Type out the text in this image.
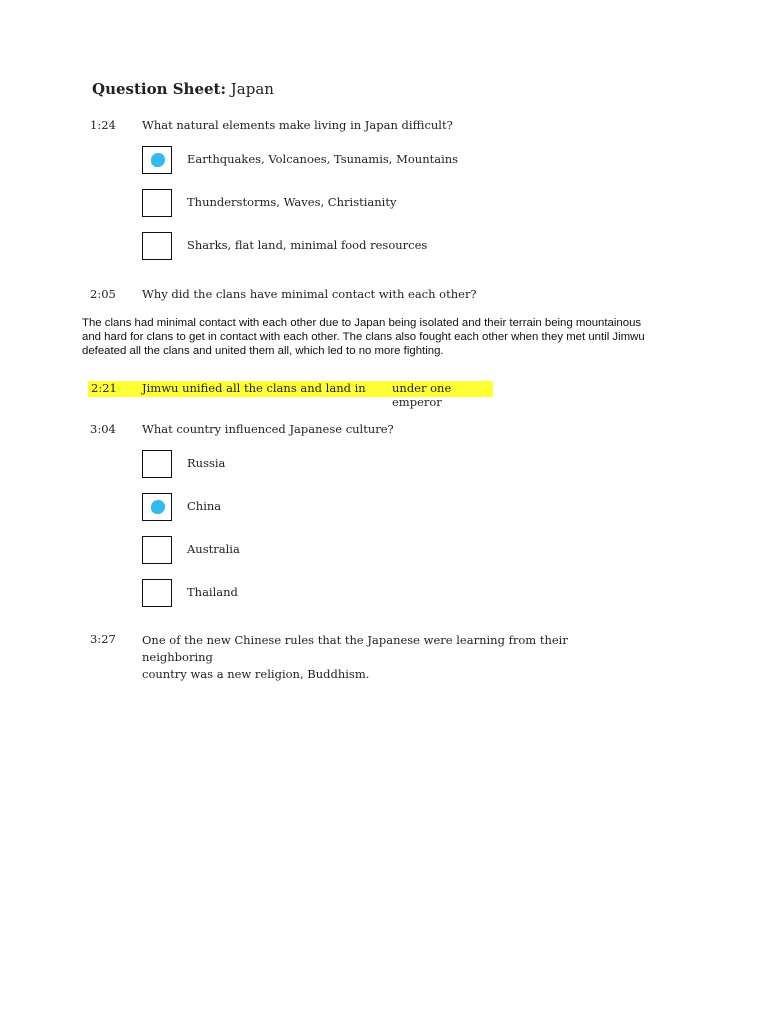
Question Sheet: Japan
1:24 What natural elements make living in Japan difficult?
Earthquakes, Volcanoes, Tsunamis, Mountains
Thunderstorms, Waves, Christianity
Sharks, flat land, minimal food resources
2:05 Why did the clans have minimal contact with each other?
The clans had minimal contact with each other due to Japan being isolated and their terrain being mountainous
and hard for clans to get in contact with each other. The clans also fought each other when they met until Jimwu
defeated all the clans and united them all, which led to no more fighting.
2:21 Jimwu unified all the clans and land in under one emperor
3:04 What country influenced Japanese culture?
Russia
China
Australia
Thailand
3:27 One of the new Chinese rules that the Japanese were learning from their neighboring
country was a new religion, Buddhism.
